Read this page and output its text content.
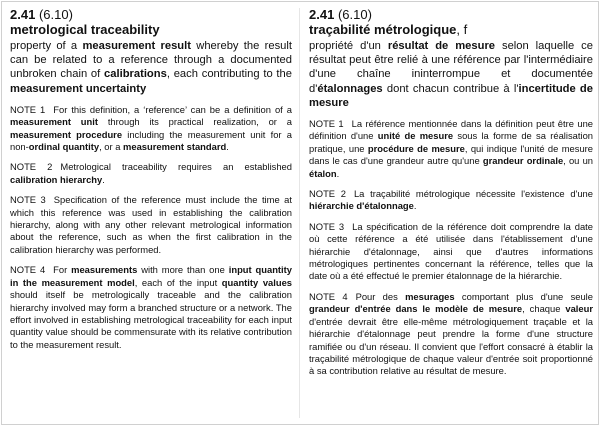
2.41 (6.10)
metrological traceability

property of a measurement result whereby the result can be related to a reference through a documented unbroken chain of calibrations, each contributing to the measurement uncertainty

NOTE 1 For this definition, a ‘reference’ can be a definition of a measurement unit through its practical realization, or a measurement procedure including the measurement unit for a non-ordinal quantity, or a measurement standard.

NOTE 2 Metrological traceability requires an established calibration hierarchy.

NOTE 3 Specification of the reference must include the time at which this reference was used in establishing the calibration hierarchy, along with any other relevant metrological information about the reference, such as when the first calibration in the calibration hierarchy was performed.

NOTE 4 For measurements with more than one input quantity in the measurement model, each of the input quantity values should itself be metrologically traceable and the calibration hierarchy involved may form a branched structure or a network. The effort involved in establishing metrological traceability for each input quantity value should be commensurate with its relative contribution to the measurement result.

2.41 (6.10)
traçabilité métrologique, f

propriété d'un résultat de mesure selon laquelle ce résultat peut être relié à une référence par l'intermédiaire d'une chaîne ininterrompue et documentée d'étalonnages dont chacun contribue à l'incertitude de mesure

NOTE 1 La référence mentionnée dans la définition peut être une définition d'une unité de mesure sous la forme de sa réalisation pratique, une procédure de mesure, qui indique l'unité de mesure dans le cas d'une grandeur autre qu'une grandeur ordinale, ou un étalon.

NOTE 2 La traçabilité métrologique nécessite l'existence d'une hiérarchie d'étalonnage.

NOTE 3 La spécification de la référence doit comprendre la date où cette référence a été utilisée dans l'établissement d'une hiérarchie d'étalonnage, ainsi que d'autres informations métrologiques pertinentes concernant la référence, telles que la date où a été effectué le premier étalonnage de la hiérarchie.

NOTE 4 Pour des mesurages comportant plus d'une seule grandeur d'entrée dans le modèle de mesure, chaque valeur d'entrée devrait être elle-même métrologiquement traçable et la hiérarchie d'étalonnage peut prendre la forme d'une structure ramifiée ou d'un réseau. Il convient que l'effort consacré à établir la traçabilité métrologique de chaque valeur d'entrée soit proportionné à sa contribution relative au résultat de mesure.
